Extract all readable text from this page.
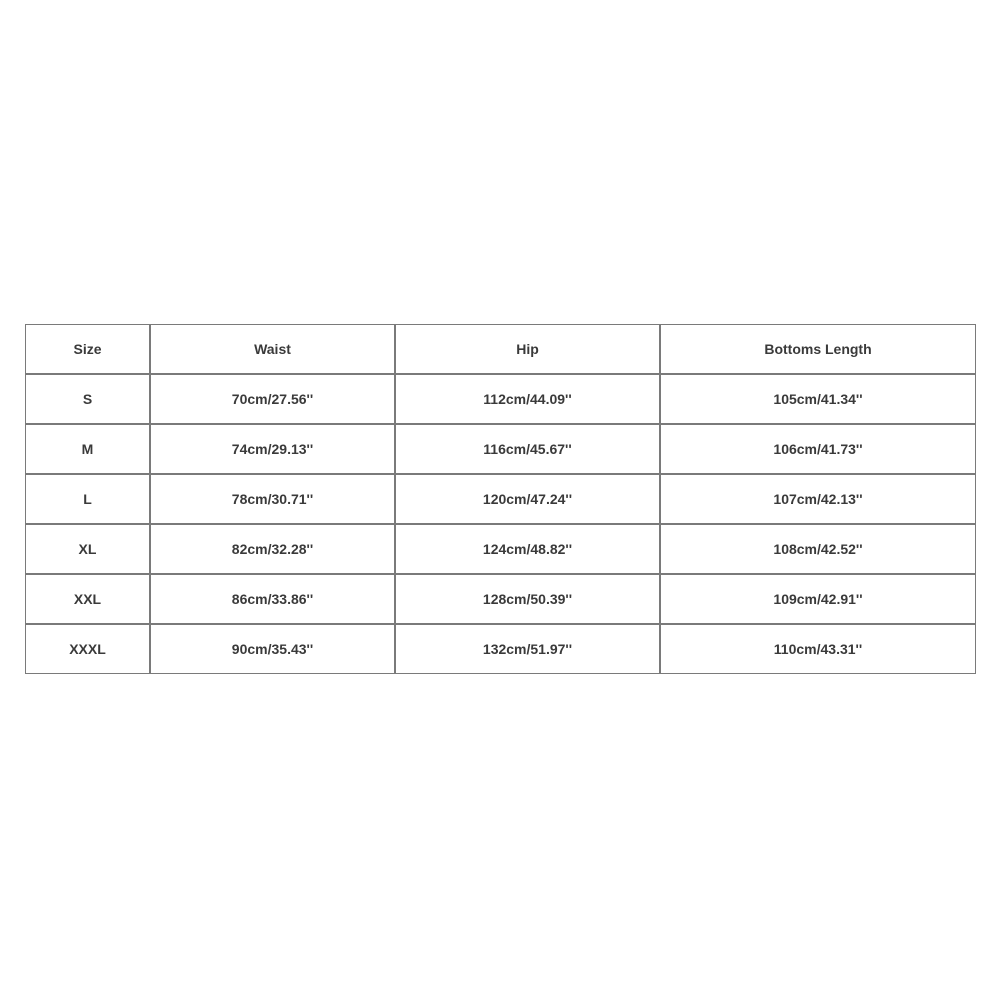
Size	Waist	Hip	Bottoms Length
S	70cm/27.56''	112cm/44.09''	105cm/41.34''
M	74cm/29.13''	116cm/45.67''	106cm/41.73''
L	78cm/30.71''	120cm/47.24''	107cm/42.13''
XL	82cm/32.28''	124cm/48.82''	108cm/42.52''
XXL	86cm/33.86''	128cm/50.39''	109cm/42.91''
XXXL	90cm/35.43''	132cm/51.97''	110cm/43.31''
